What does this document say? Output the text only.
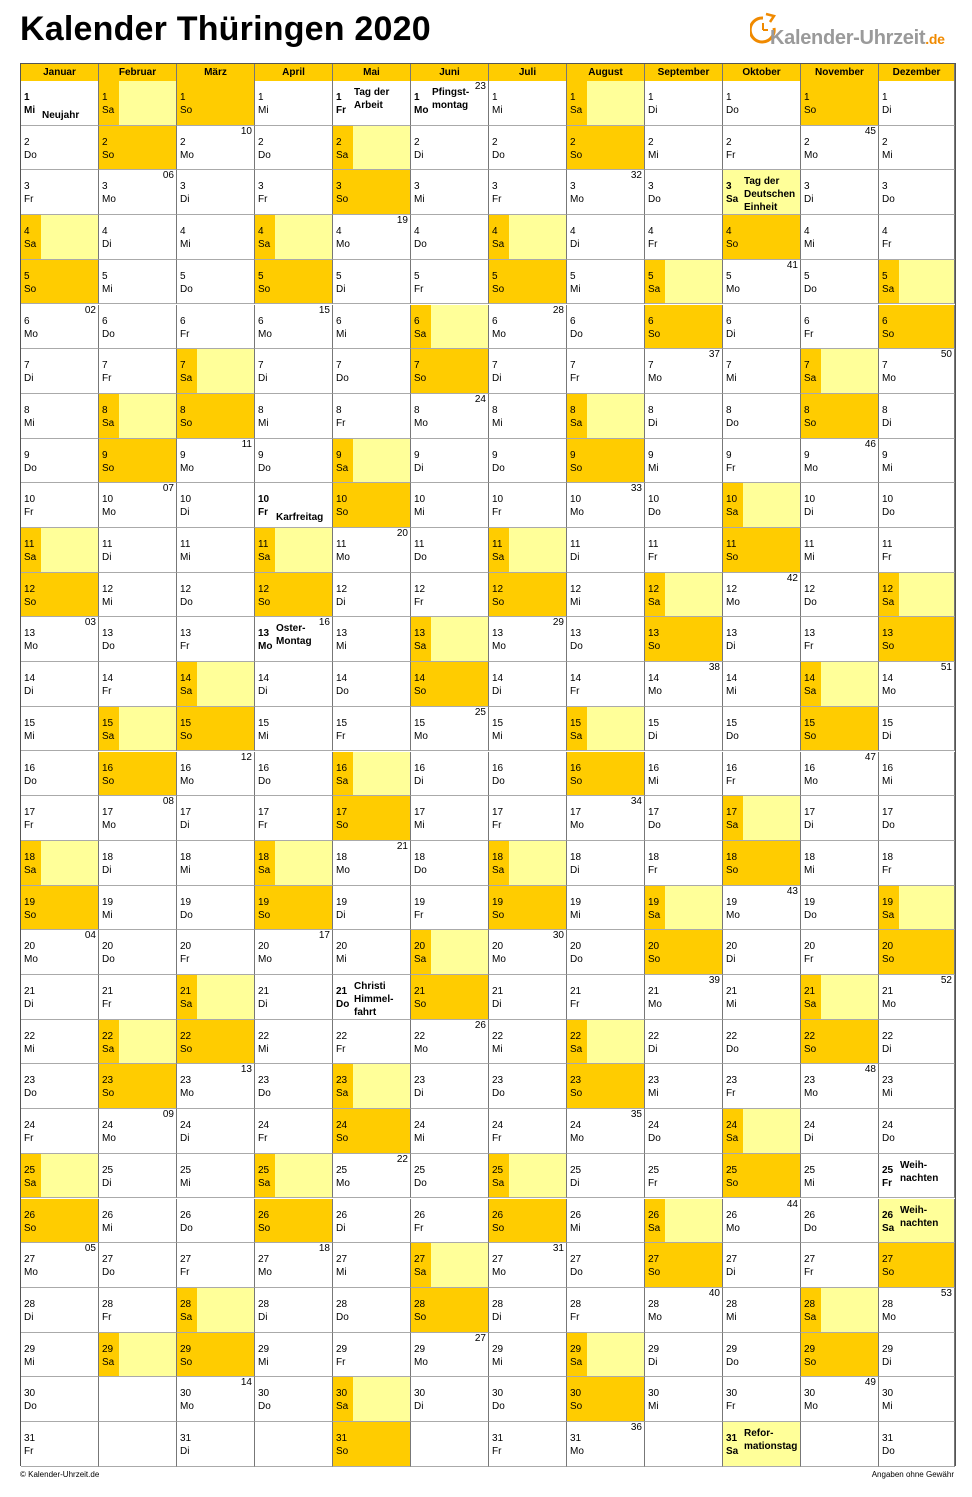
Kalender Thüringen 2020	Kalender-Uhrzeit.de
Januar
1
Mi Neujahr
2
Do
3
Fr
4
Sa
5
So
6
Mo
02
7
Di
8
Mi
9
Do
10
Fr
11
Sa
12
So
13
Mo
03
14
Di
15
Mi
16
Do
17
Fr
18
Sa
19
So
20
Mo
04
21
Di
22
Mi
23
Do
24
Fr
25
Sa
26
So
27
Mo
05
28
Di
29
Mi
30
Do
31
Fr
Februar
1
Sa
2
So
3
Mo
06
4
Di
5
Mi
6
Do
7
Fr
8
Sa
9
So
10
Mo
07
11
Di
12
Mi
13
Do
14
Fr
15
Sa
16
So
17
Mo
08
18
Di
19
Mi
20
Do
21
Fr
22
Sa
23
So
24
Mo
09
25
Di
26
Mi
27
Do
28
Fr
29
Sa
März
1
So
2
Mo
10
3
Di
4
Mi
5
Do
6
Fr
7
Sa
8
So
9
Mo
11
10
Di
11
Mi
12
Do
13
Fr
14
Sa
15
So
16
Mo
12
17
Di
18
Mi
19
Do
20
Fr
21
Sa
22
So
23
Mo
13
24
Di
25
Mi
26
Do
27
Fr
28
Sa
29
So
30
Mo
14
31
Di
April
1
Mi
2
Do
3
Fr
4
Sa
5
So
6
Mo
15
7
Di
8
Mi
9
Do
10
Fr Karfreitag
11
Sa
12
So
13
Mo
16
Oster-Montag
14
Di
15
Mi
16
Do
17
Fr
18
Sa
19
So
20
Mo
17
21
Di
22
Mi
23
Do
24
Fr
25
Sa
26
So
27
Mo
18
28
Di
29
Mi
30
Do
Mai
1
Fr
Tag der Arbeit
2
Sa
3
So
4
Mo
19
5
Di
6
Mi
7
Do
8
Fr
9
Sa
10
So
11
Mo
20
12
Di
13
Mi
14
Do
15
Fr
16
Sa
17
So
18
Mo
21
19
Di
20
Mi
21
Do
Christi Himmel-fahrt
22
Fr
23
Sa
24
So
25
Mo
22
26
Di
27
Mi
28
Do
29
Fr
30
Sa
31
So
Juni
1
Mo
23
Pfingst-montag
2
Di
3
Mi
4
Do
5
Fr
6
Sa
7
So
8
Mo
24
9
Di
10
Mi
11
Do
12
Fr
13
Sa
14
So
15
Mo
25
16
Di
17
Mi
18
Do
19
Fr
20
Sa
21
So
22
Mo
26
23
Di
24
Mi
25
Do
26
Fr
27
Sa
28
So
29
Mo
27
30
Di
Juli
1
Mi
2
Do
3
Fr
4
Sa
5
So
6
Mo
28
7
Di
8
Mi
9
Do
10
Fr
11
Sa
12
So
13
Mo
29
14
Di
15
Mi
16
Do
17
Fr
18
Sa
19
So
20
Mo
30
21
Di
22
Mi
23
Do
24
Fr
25
Sa
26
So
27
Mo
31
28
Di
29
Mi
30
Do
31
Fr
August
1
Sa
2
So
3
Mo
32
4
Di
5
Mi
6
Do
7
Fr
8
Sa
9
So
10
Mo
33
11
Di
12
Mi
13
Do
14
Fr
15
Sa
16
So
17
Mo
34
18
Di
19
Mi
20
Do
21
Fr
22
Sa
23
So
24
Mo
35
25
Di
26
Mi
27
Do
28
Fr
29
Sa
30
So
31
Mo
36
September
1
Di
2
Mi
3
Do
4
Fr
5
Sa
6
So
7
Mo
37
8
Di
9
Mi
10
Do
11
Fr
12
Sa
13
So
14
Mo
38
15
Di
16
Mi
17
Do
18
Fr
19
Sa
20
So
21
Mo
39
22
Di
23
Mi
24
Do
25
Fr
26
Sa
27
So
28
Mo
40
29
Di
30
Mi
Oktober
1
Do
2
Fr
3
Sa
Tag der Deutschen Einheit
4
So
5
Mo
41
6
Di
7
Mi
8
Do
9
Fr
10
Sa
11
So
12
Mo
42
13
Di
14
Mi
15
Do
16
Fr
17
Sa
18
So
19
Mo
43
20
Di
21
Mi
22
Do
23
Fr
24
Sa
25
So
26
Mo
44
27
Di
28
Mi
29
Do
30
Fr
31
Sa
Refor-mationstag
November
1
So
2
Mo
45
3
Di
4
Mi
5
Do
6
Fr
7
Sa
8
So
9
Mo
46
10
Di
11
Mi
12
Do
13
Fr
14
Sa
15
So
16
Mo
47
17
Di
18
Mi
19
Do
20
Fr
21
Sa
22
So
23
Mo
48
24
Di
25
Mi
26
Do
27
Fr
28
Sa
29
So
30
Mo
49
Dezember
1
Di
2
Mi
3
Do
4
Fr
5
Sa
6
So
7
Mo
50
8
Di
9
Mi
10
Do
11
Fr
12
Sa
13
So
14
Mo
51
15
Di
16
Mi
17
Do
18
Fr
19
Sa
20
So
21
Mo
52
22
Di
23
Mi
24
Do
25
Fr
Weih-nachten
26
Sa
Weih-nachten
27
So
28
Mo
53
29
Di
30
Mi
31
Do
© Kalender-Uhrzeit.de	Angaben ohne Gewähr
